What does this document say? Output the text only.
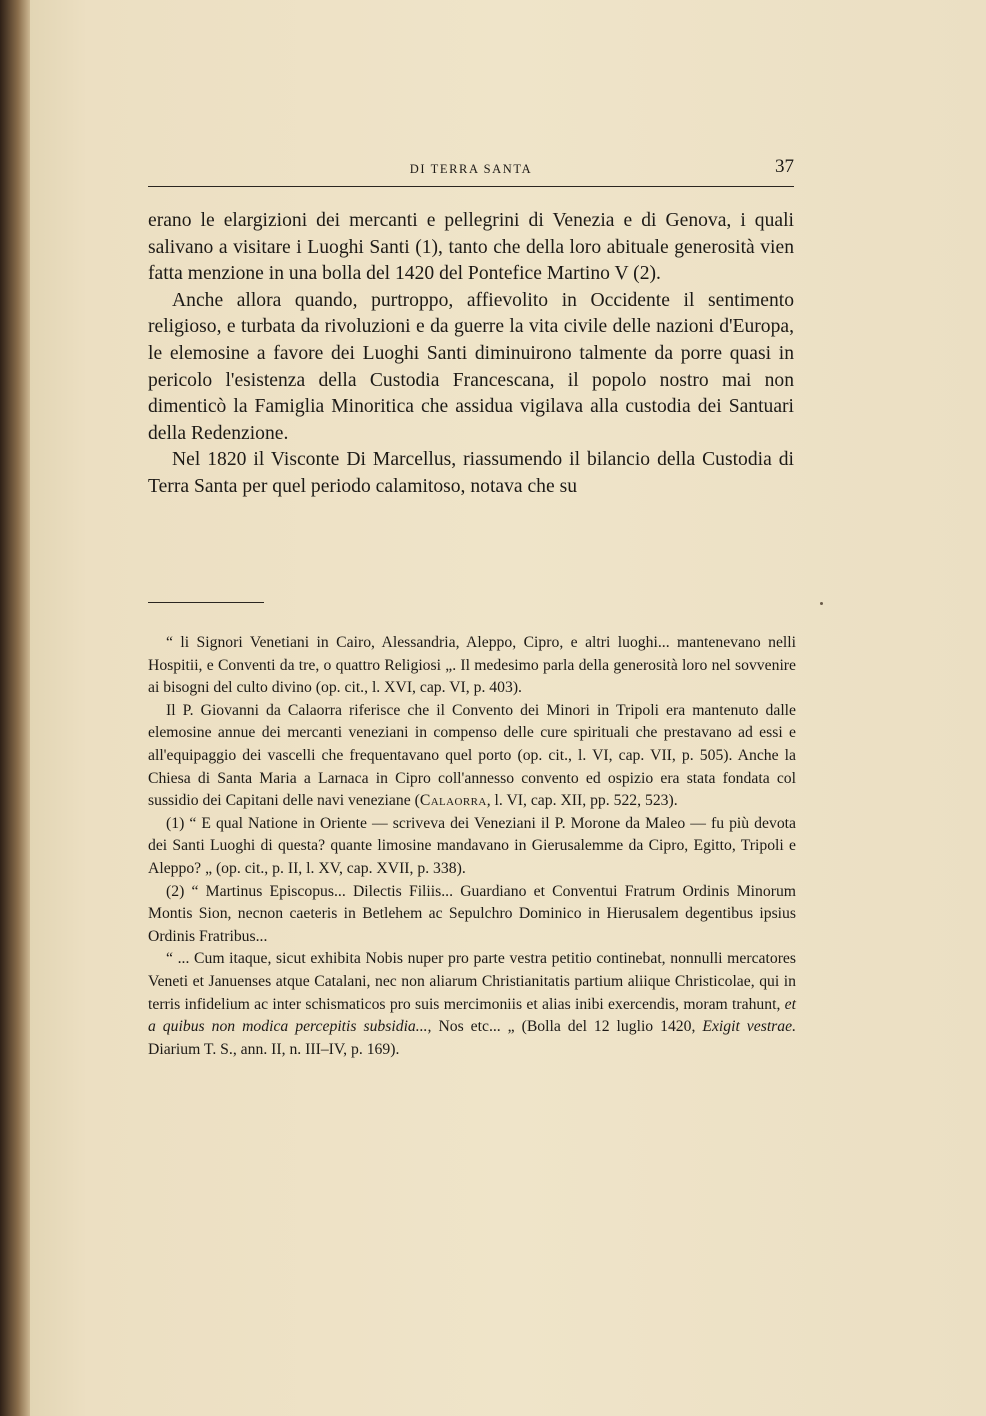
DI TERRA SANTA	37

erano le elargizioni dei mercanti e pellegrini di Venezia e di Genova, i quali salivano a visitare i Luoghi Santi (1), tanto che della loro abituale generosità vien fatta menzione in una bolla del 1420 del Pontefice Martino V (2).

Anche allora quando, purtroppo, affievolito in Occidente il sentimento religioso, e turbata da rivoluzioni e da guerre la vita civile delle nazioni d'Europa, le elemosine a favore dei Luoghi Santi diminuirono talmente da porre quasi in pericolo l'esistenza della Custodia Francescana, il popolo nostro mai non dimenticò la Famiglia Minoritica che assidua vigilava alla custodia dei Santuari della Redenzione.

Nel 1820 il Visconte Di Marcellus, riassumendo il bilancio della Custodia di Terra Santa per quel periodo calamitoso, notava che su

“ li Signori Venetiani in Cairo, Alessandria, Aleppo, Cipro, e altri luoghi... mantenevano nelli Hospitii, e Conventi da tre, o quattro Religiosi „. Il medesimo parla della generosità loro nel sovvenire ai bisogni del culto divino (op. cit., l. XVI, cap. VI, p. 403).

Il P. Giovanni da Calaorra riferisce che il Convento dei Minori in Tripoli era mantenuto dalle elemosine annue dei mercanti veneziani in compenso delle cure spirituali che prestavano ad essi e all'equipaggio dei vascelli che frequentavano quel porto (op. cit., l. VI, cap. VII, p. 505). Anche la Chiesa di Santa Maria a Larnaca in Cipro coll'annesso convento ed ospizio era stata fondata col sussidio dei Capitani delle navi veneziane (Calaorra, l. VI, cap. XII, pp. 522, 523).

(1) “ E qual Natione in Oriente — scriveva dei Veneziani il P. Morone da Maleo — fu più devota dei Santi Luoghi di questa? quante limosine mandavano in Gierusalemme da Cipro, Egitto, Tripoli e Aleppo? „ (op. cit., p. II, l. XV, cap. XVII, p. 338).

(2) “ Martinus Episcopus... Dilectis Filiis... Guardiano et Conventui Fratrum Ordinis Minorum Montis Sion, necnon caeteris in Betlehem ac Sepulchro Dominico in Hierusalem degentibus ipsius Ordinis Fratribus...

“ ... Cum itaque, sicut exhibita Nobis nuper pro parte vestra petitio continebat, nonnulli mercatores Veneti et Januenses atque Catalani, nec non aliarum Christianitatis partium aliique Christicolae, qui in terris infidelium ac inter schismaticos pro suis mercimoniis et alias inibi exercendis, moram trahunt, et a quibus non modica percepitis subsidia..., Nos etc... „ (Bolla del 12 luglio 1420, Exigit vestrae. Diarium T. S., ann. II, n. III–IV, p. 169).
